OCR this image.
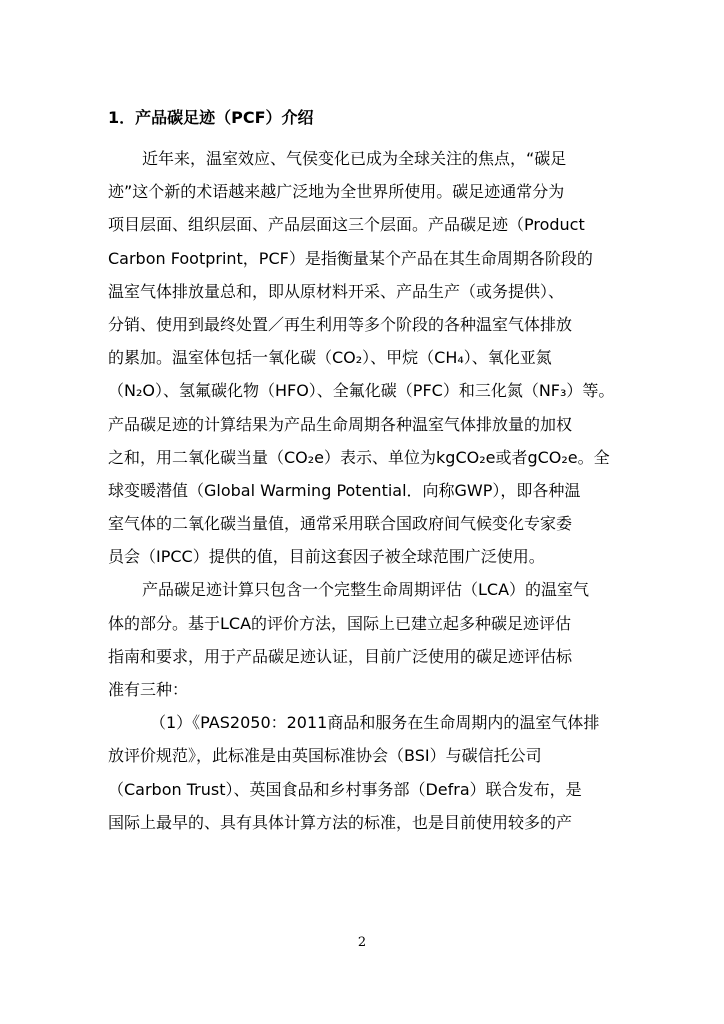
1．产品碳足迹（PCF）介绍
近年来，温室效应、气侯变化已成为全球关注的焦点，“碳足
迹”这个新的术语越来越广泛地为全世界所使用。碳足迹通常分为
项目层面、组织层面、产品层面这三个层面。产品碳足迹（Product
Carbon Footprint，PCF）是指衡量某个产品在其生命周期各阶段的
温室气体排放量总和，即从原材料开采、产品生产（或务提供）、
分销、使用到最终处置／再生利用等多个阶段的各种温室气体排放
的累加。温室体包括一氧化碳（CO₂）、甲烷（CH₄）、氧化亚氮
（N₂O）、氢氟碳化物（HFO）、全氟化碳（PFC）和三化氮（NF₃）等。
产品碳足迹的计算结果为产品生命周期各种温室气体排放量的加权
之和，用二氧化碳当量（CO₂e）表示、单位为kgCO₂e或者gCO₂e。全
球变暖潜值（Global Warming Potential．向称GWP），即各种温
室气体的二氧化碳当量值，通常采用联合国政府间气候变化专家委
员会（IPCC）提供的值，目前这套因子被全球范围广泛使用。
产品碳足迹计算只包含一个完整生命周期评估（LCA）的温室气
体的部分。基于LCA的评价方法，国际上已建立起多种碳足迹评估
指南和要求，用于产品碳足迹认证，目前广泛使用的碳足迹评估标
准有三种：
（1）《PAS2050：2011商品和服务在生命周期内的温室气体排
放评价规范》，此标准是由英国标准协会（BSI）与碳信托公司
（Carbon Trust）、英国食品和乡村事务部（Defra）联合发布，是
国际上最早的、具有具体计算方法的标准，也是目前使用较多的产
2
